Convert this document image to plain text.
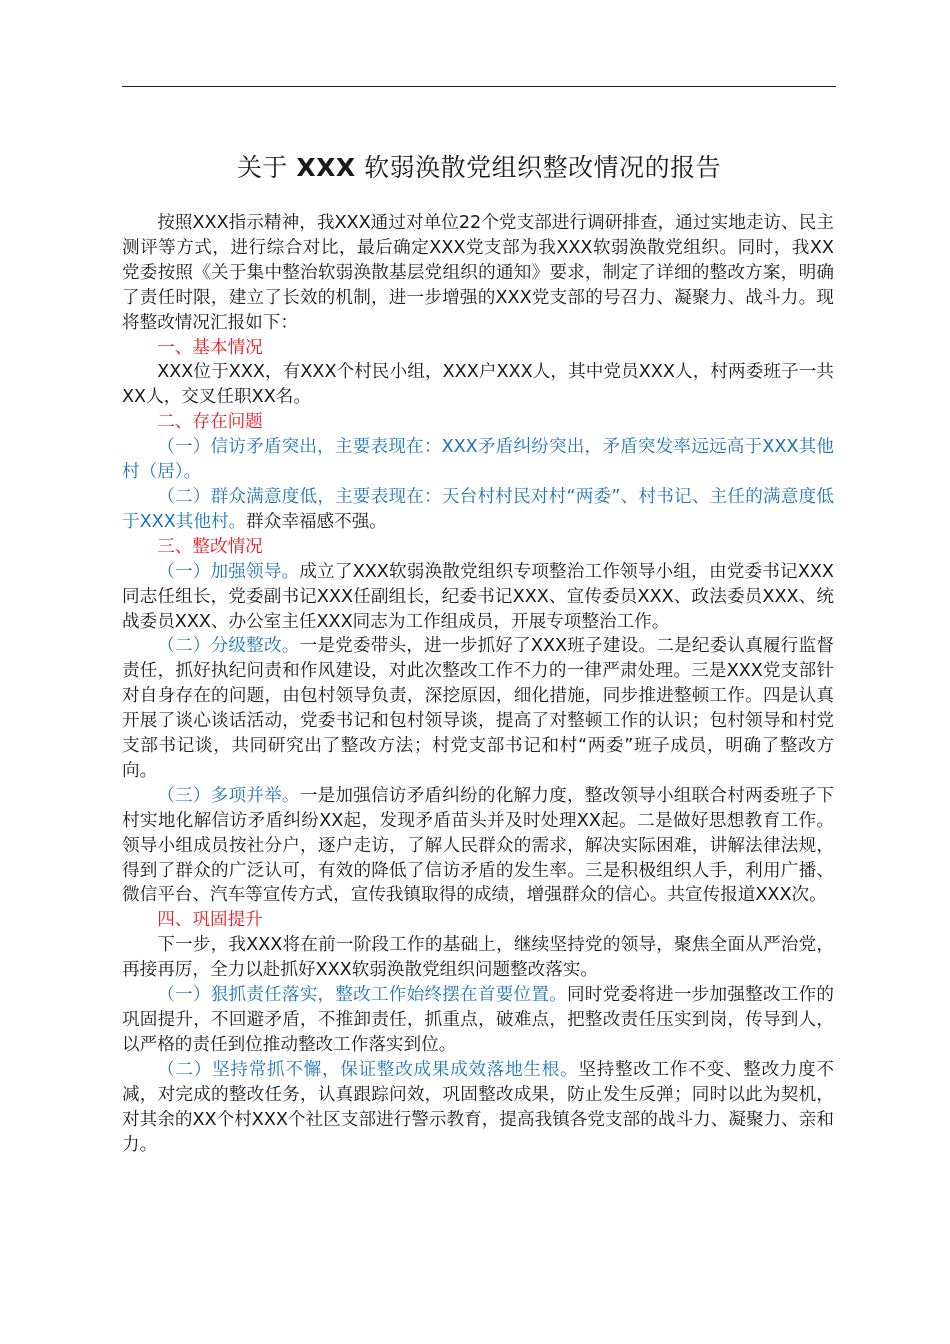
关于 XXX 软弱涣散党组织整改情况的报告

按照XXX指示精神，我XXX通过对单位22个党支部进行调研排查，通过实地走访、民主测评等方式，进行综合对比，最后确定XXX党支部为我XXX软弱涣散党组织。同时，我XX党委按照《关于集中整治软弱涣散基层党组织的通知》要求，制定了详细的整改方案，明确了责任时限，建立了长效的机制，进一步增强的XXX党支部的号召力、凝聚力、战斗力。现将整改情况汇报如下：

一、基本情况

XXX位于XXX，有XXX个村民小组，XXX户XXX人，其中党员XXX人，村两委班子一共XX人，交叉任职XX名。

二、存在问题

（一）信访矛盾突出，主要表现在：XXX矛盾纠纷突出，矛盾突发率远远高于XXX其他村（居）。

（二）群众满意度低，主要表现在：天台村村民对村“两委”、村书记、主任的满意度低于XXX其他村。群众幸福感不强。

三、整改情况

（一）加强领导。成立了XXX软弱涣散党组织专项整治工作领导小组，由党委书记XXX同志任组长，党委副书记XXX任副组长，纪委书记XXX、宣传委员XXX、政法委员XXX、统战委员XXX、办公室主任XXX同志为工作组成员，开展专项整治工作。

（二）分级整改。一是党委带头，进一步抓好了XXX班子建设。二是纪委认真履行监督责任，抓好执纪问责和作风建设，对此次整改工作不力的一律严肃处理。三是XXX党支部针对自身存在的问题，由包村领导负责，深挖原因，细化措施，同步推进整顿工作。四是认真开展了谈心谈话活动，党委书记和包村领导谈，提高了对整顿工作的认识；包村领导和村党支部书记谈，共同研究出了整改方法；村党支部书记和村“两委”班子成员，明确了整改方向。

（三）多项并举。一是加强信访矛盾纠纷的化解力度，整改领导小组联合村两委班子下村实地化解信访矛盾纠纷XX起，发现矛盾苗头并及时处理XX起。二是做好思想教育工作。领导小组成员按社分户，逐户走访，了解人民群众的需求，解决实际困难，讲解法律法规，得到了群众的广泛认可，有效的降低了信访矛盾的发生率。三是积极组织人手，利用广播、微信平台、汽车等宣传方式，宣传我镇取得的成绩，增强群众的信心。共宣传报道XXX次。

四、巩固提升

下一步，我XXX将在前一阶段工作的基础上，继续坚持党的领导，聚焦全面从严治党，再接再厉，全力以赴抓好XXX软弱涣散党组织问题整改落实。

（一）狠抓责任落实，整改工作始终摆在首要位置。同时党委将进一步加强整改工作的巩固提升，不回避矛盾，不推卸责任，抓重点，破难点，把整改责任压实到岗，传导到人，以严格的责任到位推动整改工作落实到位。

（二）坚持常抓不懈，保证整改成果成效落地生根。坚持整改工作不变、整改力度不减，对完成的整改任务，认真跟踪问效，巩固整改成果，防止发生反弹；同时以此为契机，对其余的XX个村XXX个社区支部进行警示教育，提高我镇各党支部的战斗力、凝聚力、亲和力。
